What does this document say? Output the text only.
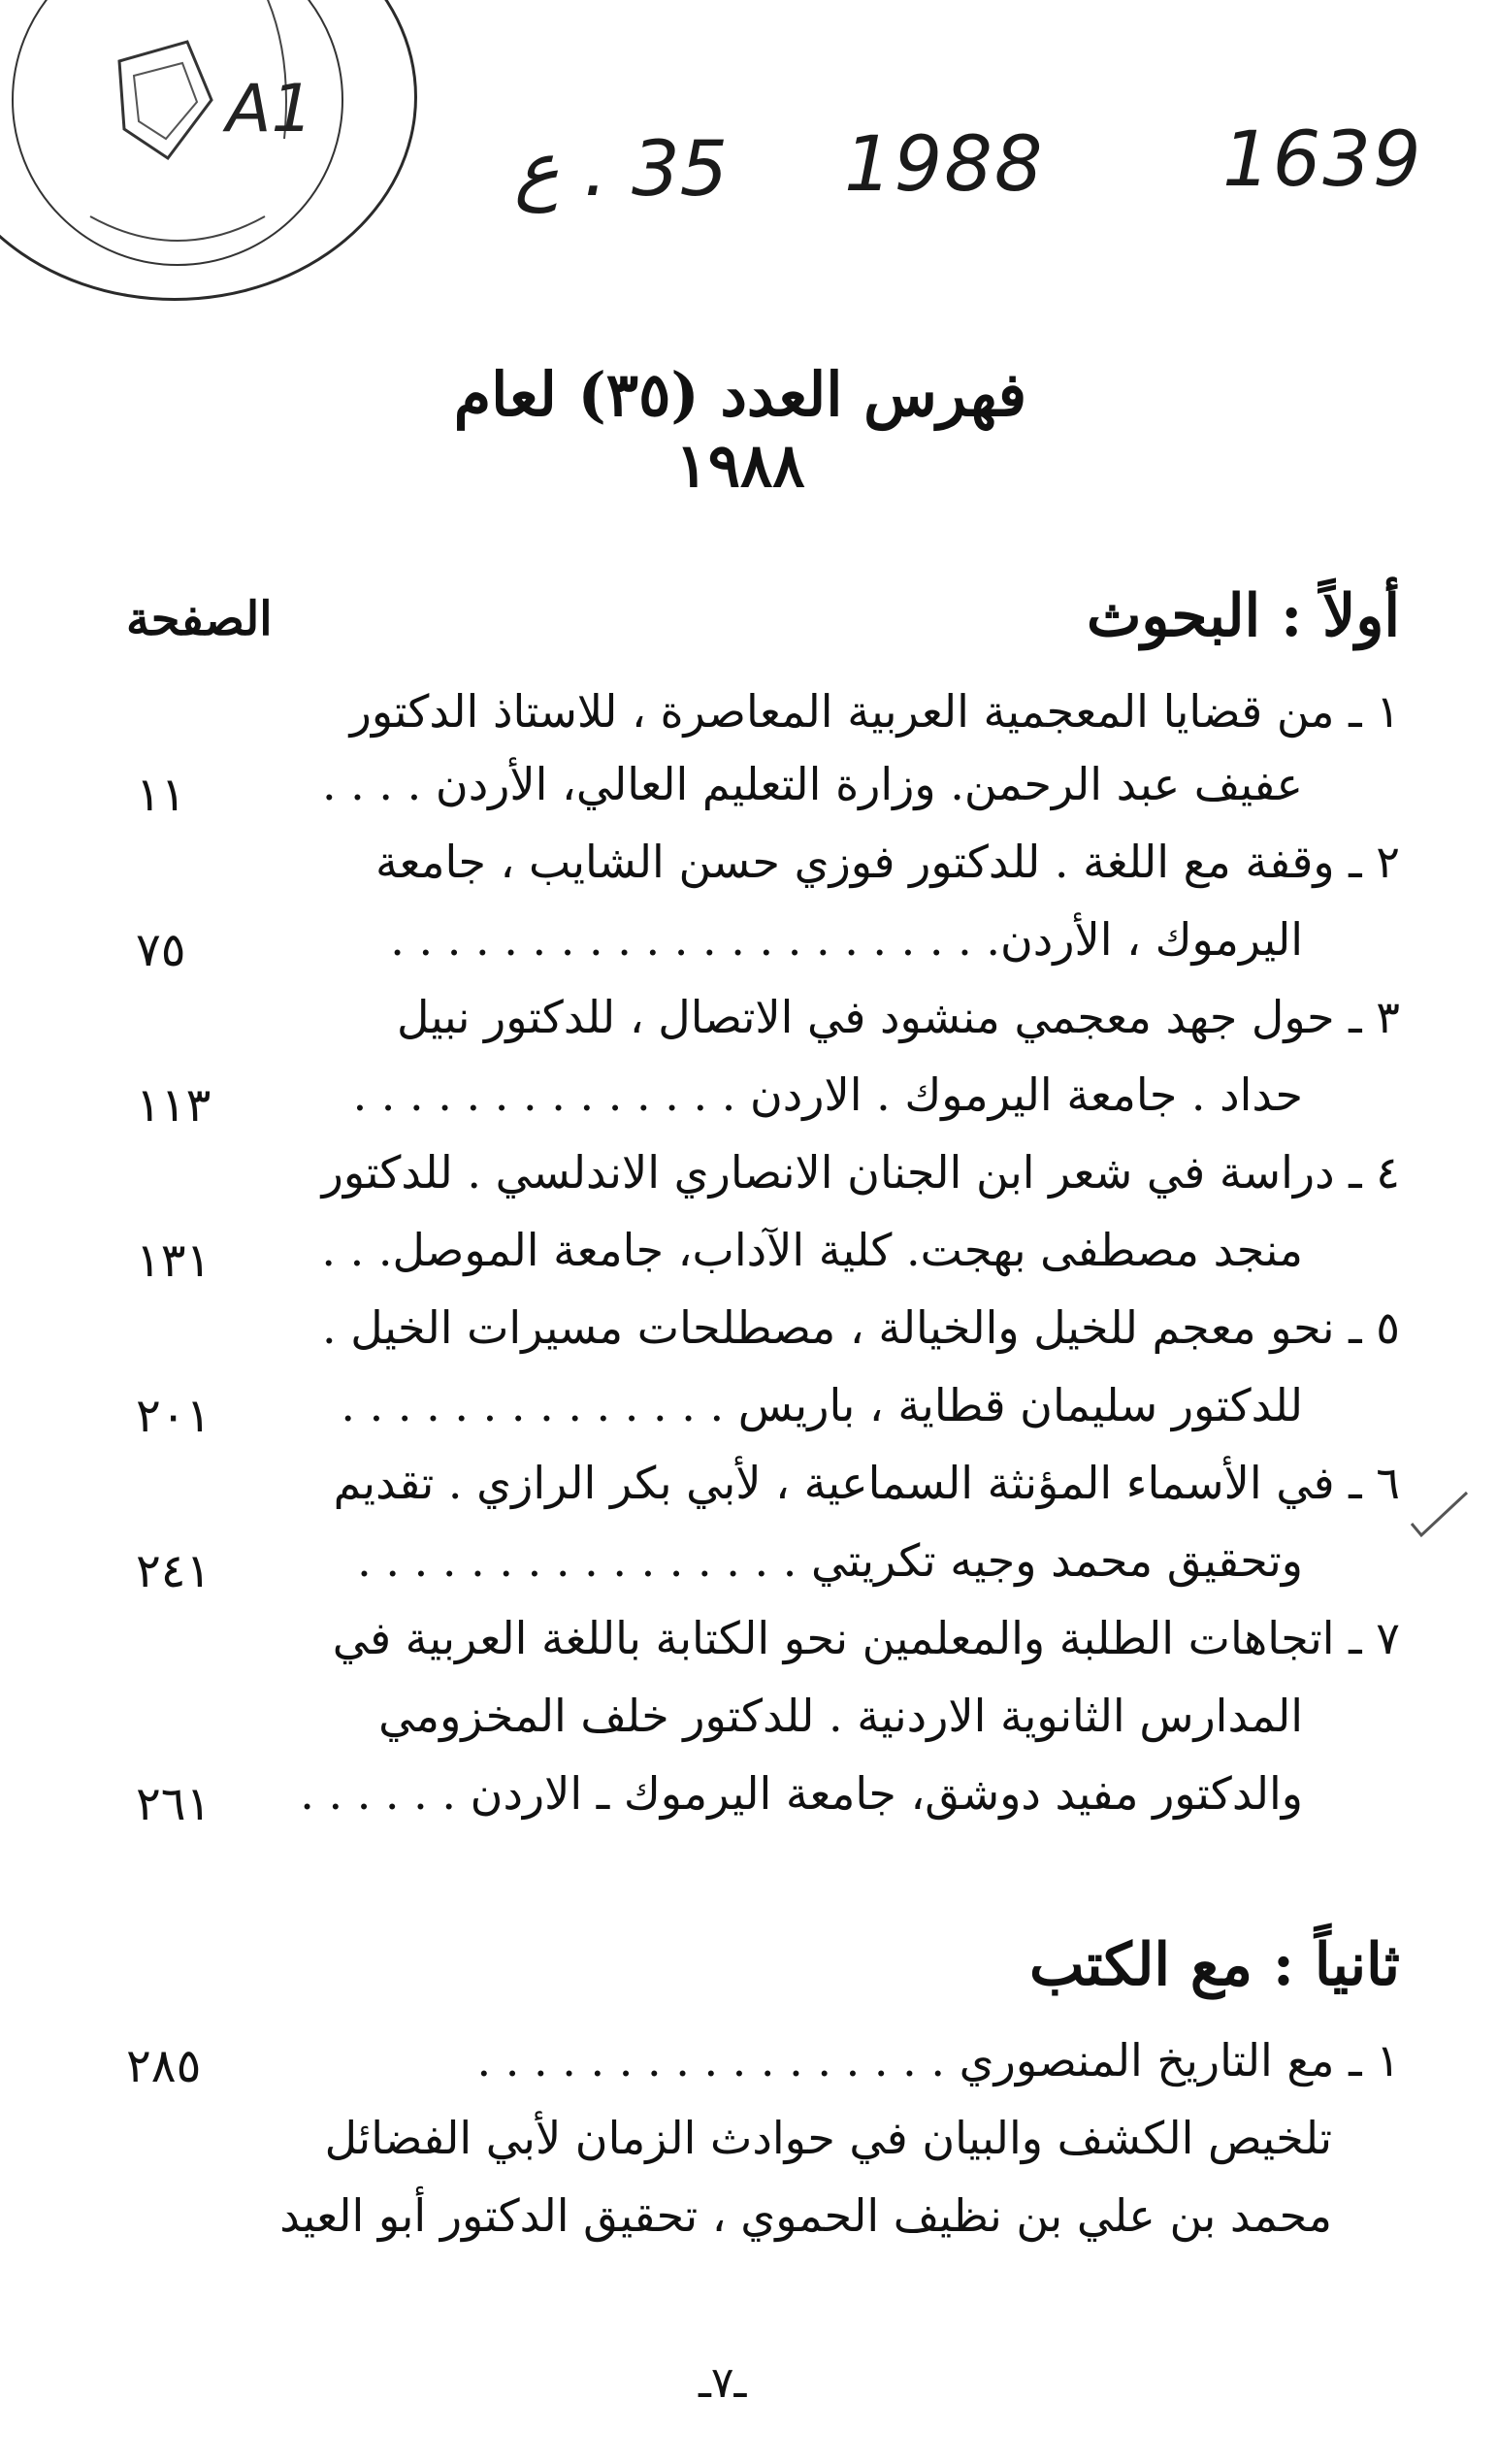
A1
35 . ع 1988 1639
فهرس العدد (٣٥) لعام ١٩٨٨
أولاً : البحوث
الصفحة
١ ـ من قضايا المعجمية العربية المعاصرة ، للاستاذ الدكتور
عفيف عبد الرحمن. وزارة التعليم العالي، الأردن . . . .
١١
٢ ـ وقفة مع اللغة . للدكتور فوزي حسن الشايب ، جامعة
اليرموك ، الأردن. . . . . . . . . . . . . . . . . . . . . .
٧٥
٣ ـ حول جهد معجمي منشود في الاتصال ، للدكتور نبيل
حداد . جامعة اليرموك . الاردن . . . . . . . . . . . . . .
١١٣
٤ ـ دراسة في شعر ابن الجنان الانصاري الاندلسي . للدكتور
منجد مصطفى بهجت. كلية الآداب، جامعة الموصل. . .
١٣١
٥ ـ نحو معجم للخيل والخيالة ، مصطلحات مسيرات الخيل .
للدكتور سليمان قطاية ، باريس . . . . . . . . . . . . . .
٢٠١
٦ ـ في الأسماء المؤنثة السماعية ، لأبي بكر الرازي . تقديم
وتحقيق محمد وجيه تكريتي . . . . . . . . . . . . . . . .
٢٤١
٧ ـ اتجاهات الطلبة والمعلمين نحو الكتابة باللغة العربية في
المدارس الثانوية الاردنية . للدكتور خلف المخزومي
والدكتور مفيد دوشق، جامعة اليرموك ـ الاردن . . . . . .
٢٦١
ثانياً : مع الكتب
١ ـ مع التاريخ المنصوري . . . . . . . . . . . . . . . . .
٢٨٥
تلخيص الكشف والبيان في حوادث الزمان لأبي الفضائل
محمد بن علي بن نظيف الحموي ، تحقيق الدكتور أبو العيد
ـ٧ـ
